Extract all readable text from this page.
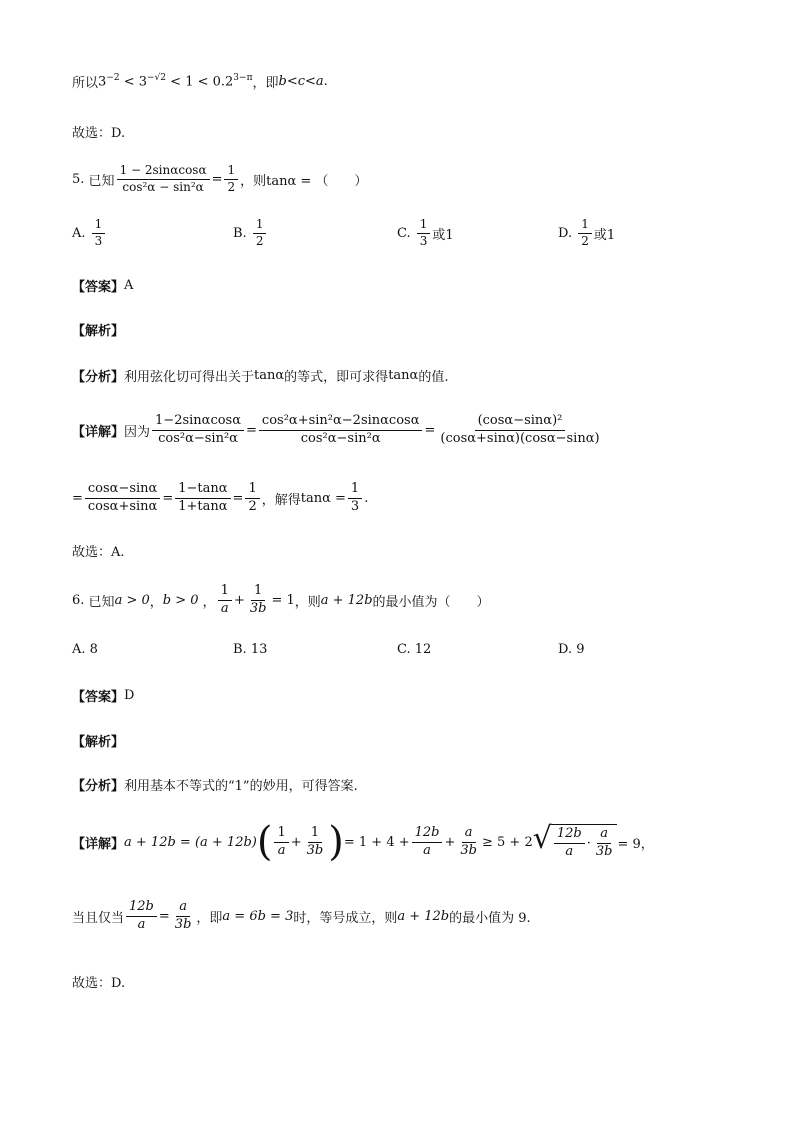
所以 $3^{-2} < 3^{-√2} < 1 < 0.2^{3-\pi}$ ，即 b<c<a .
故选：D.
5.
已知 $\frac{1 - 2\sin\alpha\cos\alpha}{\text{cos²α − sin²α}} = \frac{1}{2}$ ，则 tanα = （　　）
A.
$\frac{1}{3}$	B.
$\frac{1}{2}$	C.
$\frac{1}{3}$ 或1	D.
$\frac{1}{2}$ 或1
【答案】 A
【解析】
【分析】 利用弦化切可得出关于 tanα 的等式，即可求得 tanα 的值.
【详解】 因为 $\frac{1-2\sin\alpha\cos\alpha}{\text{cos²α−sin²α}} = \frac{\text{cos²α+sin²α−2sinαcosα}}{\text{cos²α−sin²α}} = \frac{\text{(cosα−sinα)²}}{(\cos\alpha+\sin\alpha)(\cos\alpha-\sin\alpha)}$
= $\frac{\cos\alpha-\sin\alpha}{\cos\alpha+\sin\alpha} = \frac{1-\tan\alpha}{1+\tan\alpha} = \frac{1}{2}$ ，解得 $\tan\alpha = \frac{1}{3}$ .
故选：A.
6.
已知 a > 0 ， b > 0 ， $\frac{1}{a} + \frac{1}{3b} = 1$ ，则 a + 12b 的最小值为（　　）
A.
8	B.
13	C.
12	D.
9
【答案】 D
【解析】
【分析】 利用基本不等式的“1”的妙用，可得答案.
【详解】 a + 12b = (a + 12b) ( $\frac{1}{a} + \frac{1}{3b}$ ) = $1 + 4 + \frac{12b}{a} + \frac{a}{3b} \ge 5 + 2$ √ $\frac{12b}{a} \cdot \frac{a}{3b} = 9$，
当且仅当 $\frac{12b}{a} = \frac{a}{3b}$ ，即 a = 6b = 3 时，等号成立，则 a + 12b 的最小值为 9.
故选：D.
